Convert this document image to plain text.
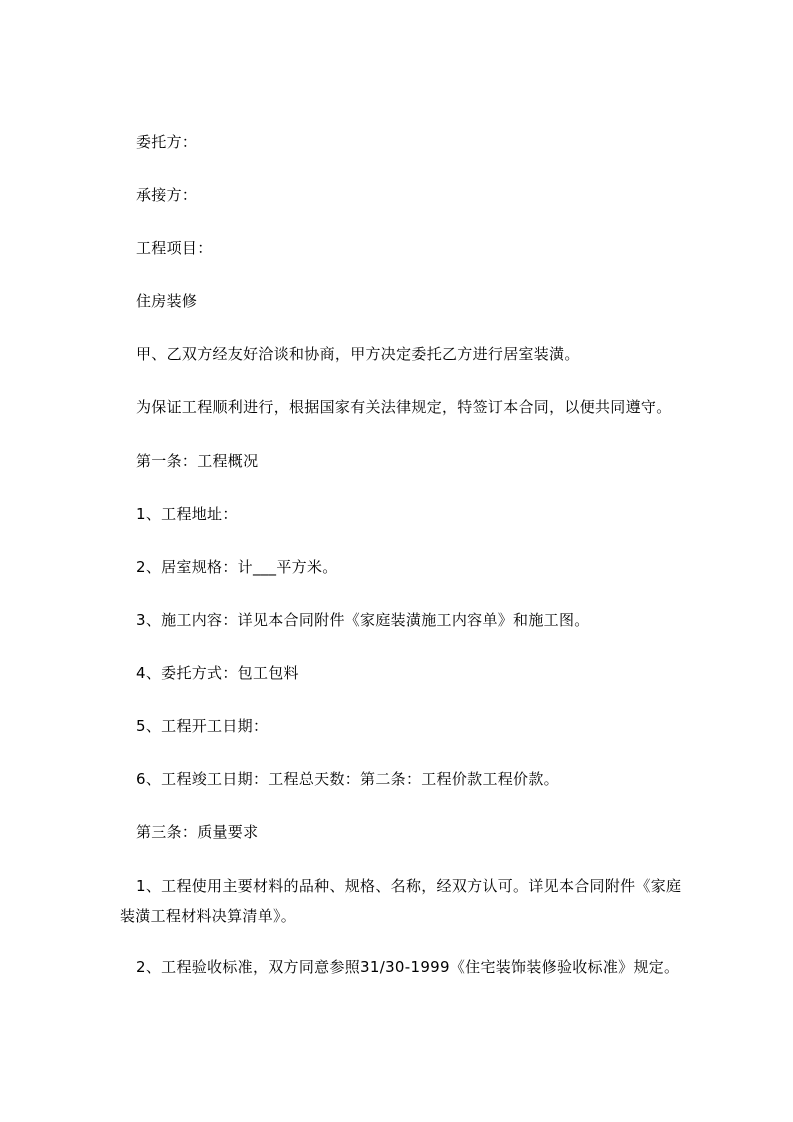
委托方：
承接方：
工程项目：
住房装修
甲、乙双方经友好洽谈和协商，甲方决定委托乙方进行居室装潢。
为保证工程顺利进行，根据国家有关法律规定，特签订本合同，以便共同遵守。
第一条：工程概况
1、工程地址：
2、居室规格：计___平方米。
3、施工内容：详见本合同附件《家庭装潢施工内容单》和施工图。
4、委托方式：包工包料
5、工程开工日期：
6、工程竣工日期：工程总天数：第二条：工程价款工程价款。
第三条：质量要求
1、工程使用主要材料的品种、规格、名称，经双方认可。详见本合同附件《家庭装潢工程材料决算清单》。
2、工程验收标准，双方同意参照31/30-1999《住宅装饰装修验收标准》规定。
